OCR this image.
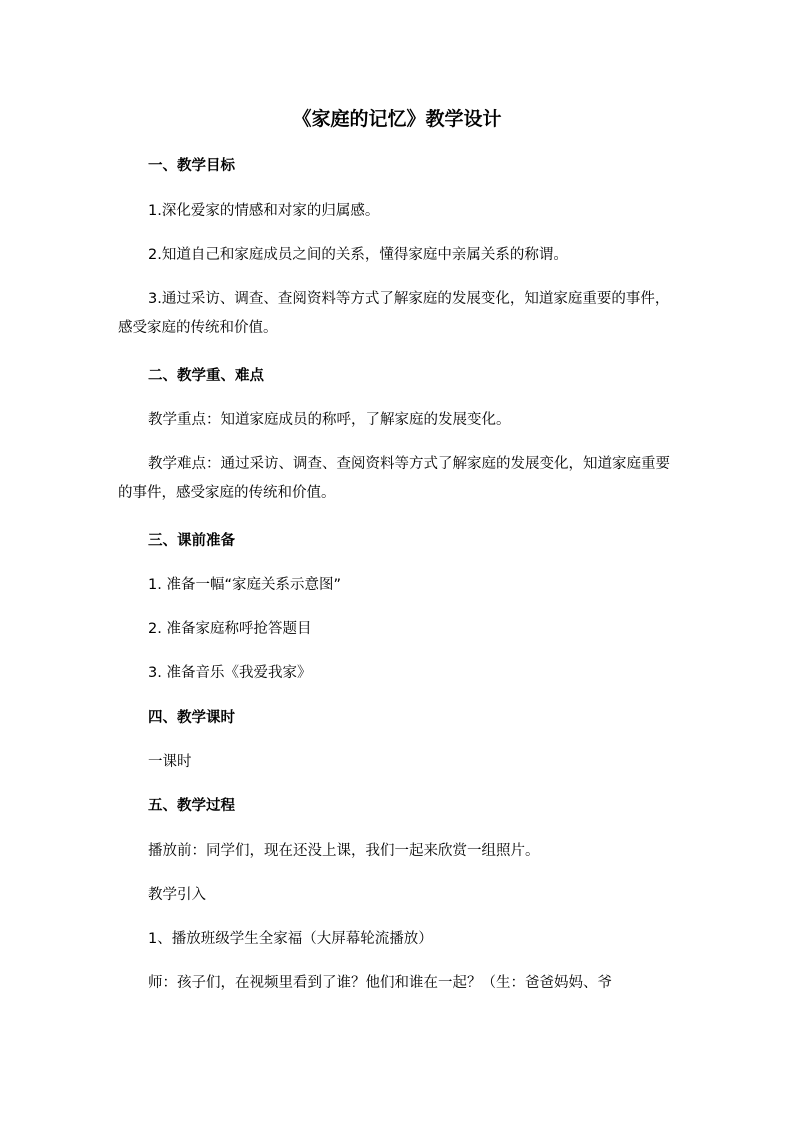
《家庭的记忆》教学设计

一、教学目标

1.深化爱家的情感和对家的归属感。

2.知道自己和家庭成员之间的关系，懂得家庭中亲属关系的称谓。

3.通过采访、调查、查阅资料等方式了解家庭的发展变化，知道家庭重要的事件，感受家庭的传统和价值。

二、教学重、难点

教学重点：知道家庭成员的称呼，了解家庭的发展变化。

教学难点：通过采访、调查、查阅资料等方式了解家庭的发展变化，知道家庭重要的事件，感受家庭的传统和价值。

三、课前准备

1. 准备一幅“家庭关系示意图”

2. 准备家庭称呼抢答题目

3. 准备音乐《我爱我家》

四、教学课时

一课时

五、教学过程

播放前：同学们，现在还没上课，我们一起来欣赏一组照片。

教学引入

1、播放班级学生全家福（大屏幕轮流播放）

师：孩子们，在视频里看到了谁？他们和谁在一起？（生：爸爸妈妈、爷
